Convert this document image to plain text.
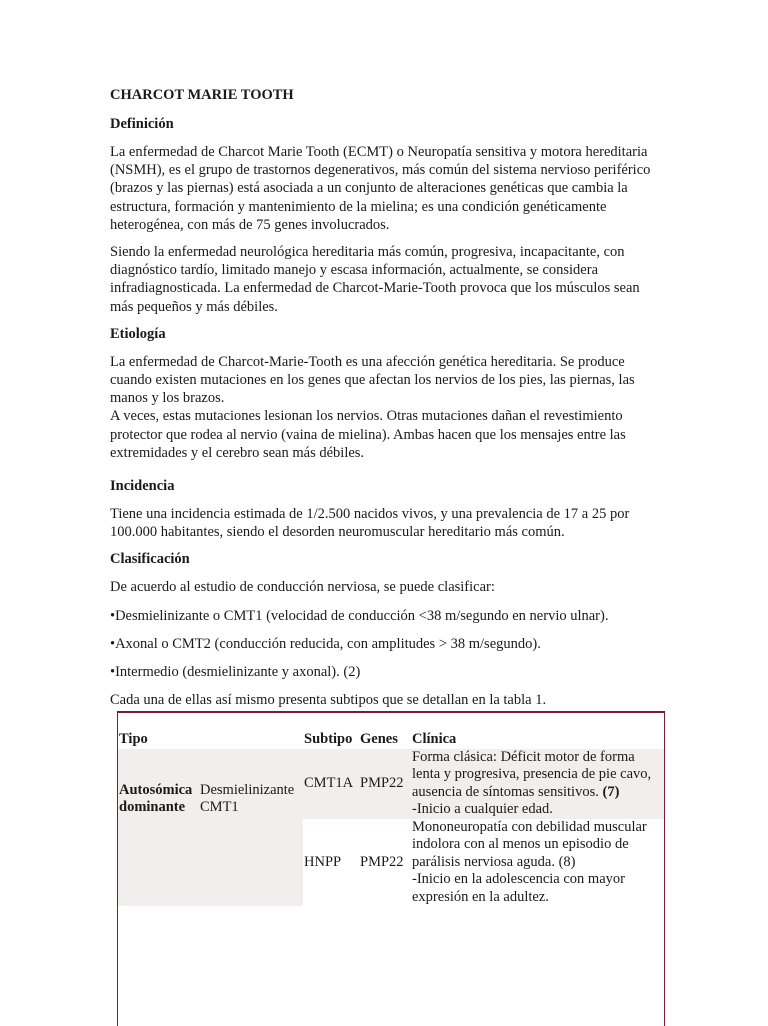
CHARCOT MARIE TOOTH
Definición

La enfermedad de Charcot Marie Tooth (ECMT) o Neuropatía sensitiva y motora hereditaria (NSMH), es el grupo de trastornos degenerativos, más común del sistema nervioso periférico (brazos y las piernas) está asociada a un conjunto de alteraciones genéticas que cambia la estructura, formación y mantenimiento de la mielina; es una condición genéticamente heterogénea, con más de 75 genes involucrados.

Siendo la enfermedad neurológica hereditaria más común, progresiva, incapacitante, con diagnóstico tardío, limitado manejo y escasa información, actualmente, se considera infradiagnosticada. La enfermedad de Charcot-Marie-Tooth provoca que los músculos sean más pequeños y más débiles.

Etiología

La enfermedad de Charcot-Marie-Tooth es una afección genética hereditaria. Se produce cuando existen mutaciones en los genes que afectan los nervios de los pies, las piernas, las manos y los brazos.

A veces, estas mutaciones lesionan los nervios. Otras mutaciones dañan el revestimiento protector que rodea al nervio (vaina de mielina). Ambas hacen que los mensajes entre las extremidades y el cerebro sean más débiles.

Incidencia

Tiene una incidencia estimada de 1/2.500 nacidos vivos, y una prevalencia de 17 a 25 por 100.000 habitantes, siendo el desorden neuromuscular hereditario más común.

Clasificación

De acuerdo al estudio de conducción nerviosa, se puede clasificar:

•Desmielinizante o CMT1 (velocidad de conducción <38 m/segundo en nervio ulnar).

•Axonal o CMT2 (conducción reducida, con amplitudes > 38 m/segundo).

•Intermedio (desmielinizante y axonal). (2)

Cada una de ellas así mismo presenta subtipos que se detallan en la tabla 1.

Tipo		Subtipo	Genes	Clínica

Autosómica dominante	Desmielinizante CMT1	CMT1A	PMP22	Forma clásica: Déficit motor de forma lenta y progresiva, presencia de pie cavo, ausencia de síntomas sensitivos. (7)
-Inicio a cualquier edad.
		HNPP	PMP22	Mononeuropatía con debilidad muscular indolora con al menos un episodio de parálisis nerviosa aguda. (8)
-Inicio en la adolescencia con mayor expresión en la adultez.
